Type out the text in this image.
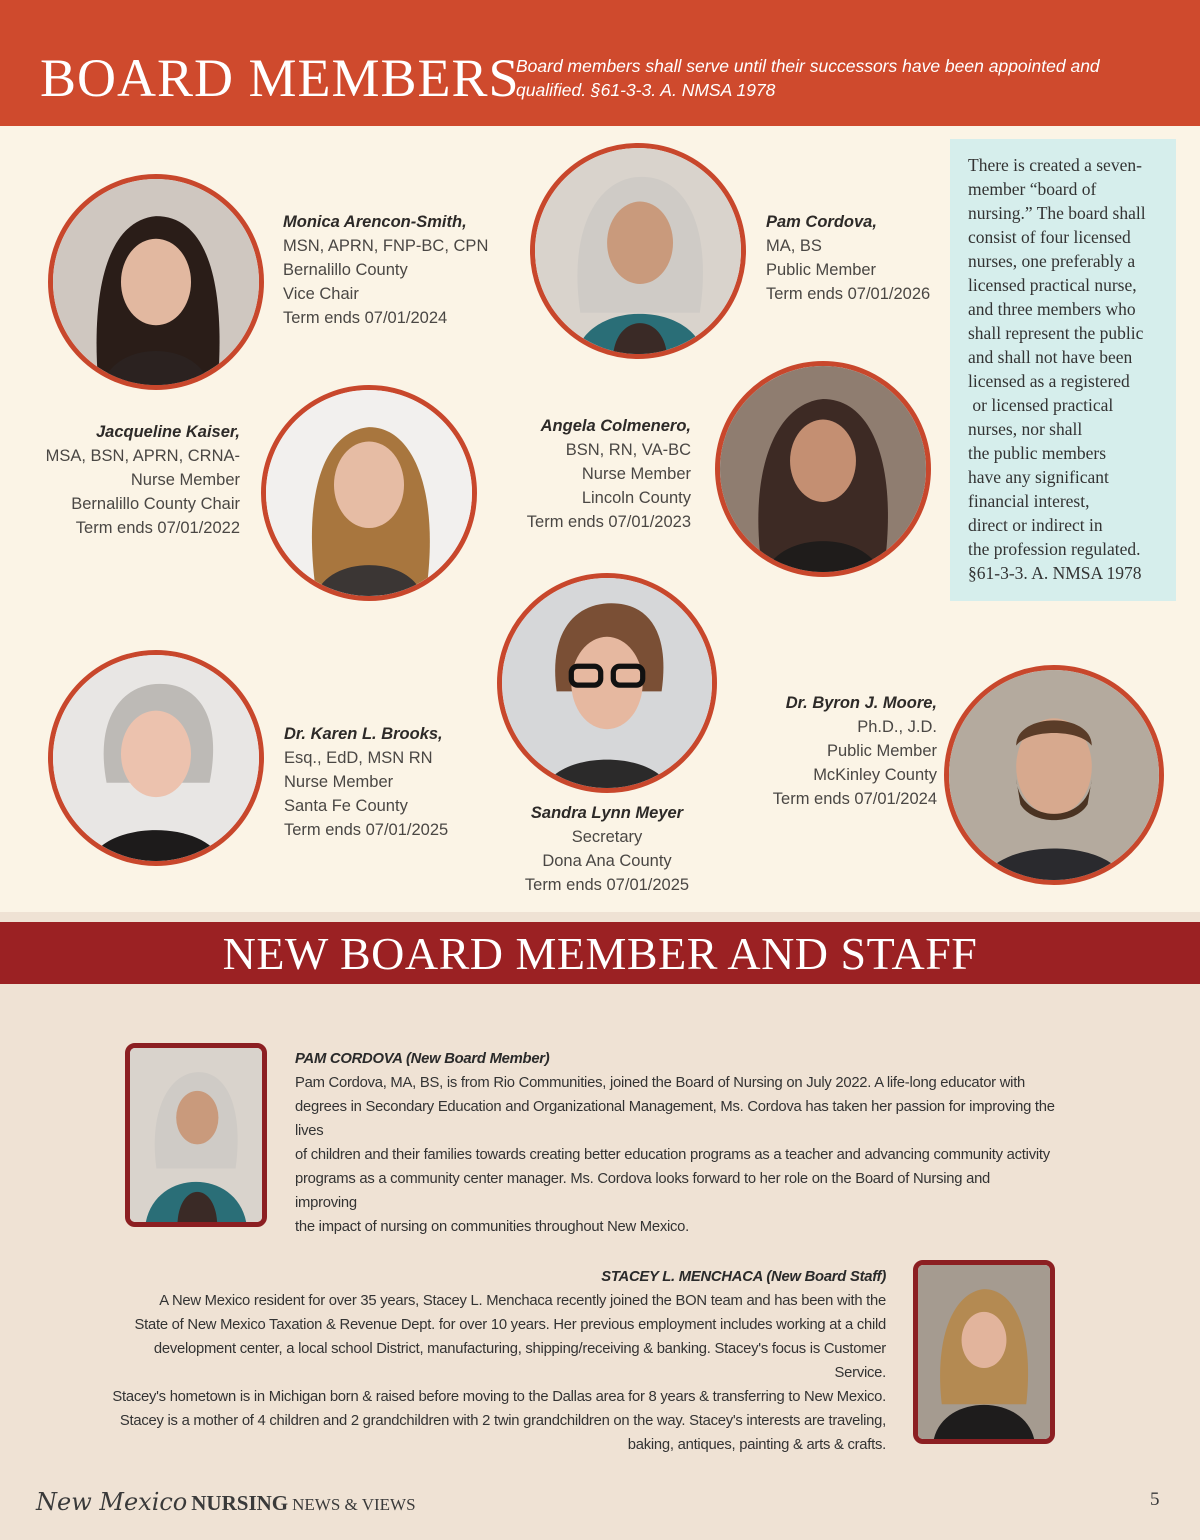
BOARD MEMBERS
Board members shall serve until their successors have been appointed and
qualified. §61-3-3. A. NMSA 1978
Monica Arencon-Smith,
MSN, APRN, FNP-BC, CPN
Bernalillo County
Vice Chair
Term ends 07/01/2024
Pam Cordova,
MA, BS
Public Member
Term ends 07/01/2026
Jacqueline Kaiser,
MSA, BSN, APRN, CRNA-
Nurse Member
Bernalillo County Chair
Term ends 07/01/2022
Angela Colmenero,
BSN, RN, VA-BC
Nurse Member
Lincoln County
Term ends 07/01/2023
Dr. Karen L. Brooks,
Esq., EdD, MSN RN
Nurse Member
Santa Fe County
Term ends 07/01/2025
Sandra Lynn Meyer
Secretary
Dona Ana County
Term ends 07/01/2025
Dr. Byron J. Moore,
Ph.D., J.D.
Public Member
McKinley County
Term ends 07/01/2024
There is created a seven-
member “board of
nursing.” The board shall
consist of four licensed
nurses, one preferably a
licensed practical nurse,
and three members who
shall represent the public
and shall not have been
licensed as a registered
or licensed practical
nurses, nor shall
the public members
have any significant
financial interest,
direct or indirect in
the profession regulated.
§61-3-3. A. NMSA 1978
NEW BOARD MEMBER AND STAFF
PAM CORDOVA (New Board Member)
Pam Cordova, MA, BS, is from Rio Communities, joined the Board of Nursing on July 2022. A life-long educator with
degrees in Secondary Education and Organizational Management, Ms. Cordova has taken her passion for improving the lives
of children and their families towards creating better education programs as a teacher and advancing community activity
programs as a community center manager. Ms. Cordova looks forward to her role on the Board of Nursing and improving
the impact of nursing on communities throughout New Mexico.
STACEY L. MENCHACA (New Board Staff)
A New Mexico resident for over 35 years, Stacey L. Menchaca recently joined the BON team and has been with the
State of New Mexico Taxation & Revenue Dept. for over 10 years. Her previous employment includes working at a child
development center, a local school District, manufacturing, shipping/receiving & banking. Stacey's focus is Customer Service.
Stacey's hometown is in Michigan born & raised before moving to the Dallas area for 8 years & transferring to New Mexico.
Stacey is a mother of 4 children and 2 grandchildren with 2 twin grandchildren on the way. Stacey's interests are traveling,
baking, antiques, painting & arts & crafts.
New Mexico NURSING NEWS & VIEWS	5
